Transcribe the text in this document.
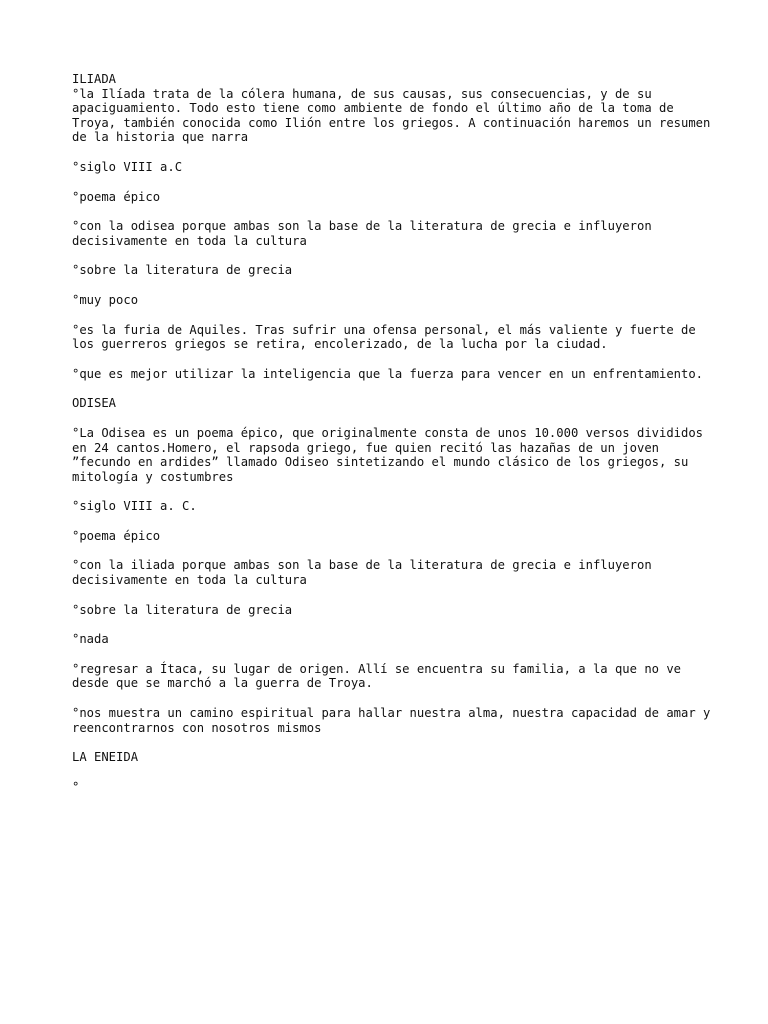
ILIADA
°la Ilíada trata de la cólera humana, de sus causas, sus consecuencias, y de su apaciguamiento. Todo esto tiene como ambiente de fondo el último año de la toma de Troya, también conocida como Ilión entre los griegos. A continuación haremos un resumen de la historia que narra
°siglo VIII a.C
°poema épico
°con la odisea porque ambas son la base de la literatura de grecia e influyeron decisivamente en toda la cultura
°sobre la literatura de grecia
°muy poco
°es la furia de Aquiles. Tras sufrir una ofensa personal, el más valiente y fuerte de los guerreros griegos se retira, encolerizado, de la lucha por la ciudad.
°que es mejor utilizar la inteligencia que la fuerza para vencer en un enfrentamiento.
ODISEA
°La Odisea es un poema épico, que originalmente consta de unos 10.000 versos divididos en 24 cantos.Homero, el rapsoda griego, fue quien recitó las hazañas de un joven ”fecundo en ardides” llamado Odiseo sintetizando el mundo clásico de los griegos, su mitología y costumbres
°siglo VIII a. C.
°poema épico
°con la iliada porque ambas son la base de la literatura de grecia e influyeron decisivamente en toda la cultura
°sobre la literatura de grecia
°nada
°regresar a Ítaca, su lugar de origen. Allí se encuentra su familia, a la que no ve desde que se marchó a la guerra de Troya.
°nos muestra un camino espiritual para hallar nuestra alma, nuestra capacidad de amar y reencontrarnos con nosotros mismos
LA ENEIDA
°
